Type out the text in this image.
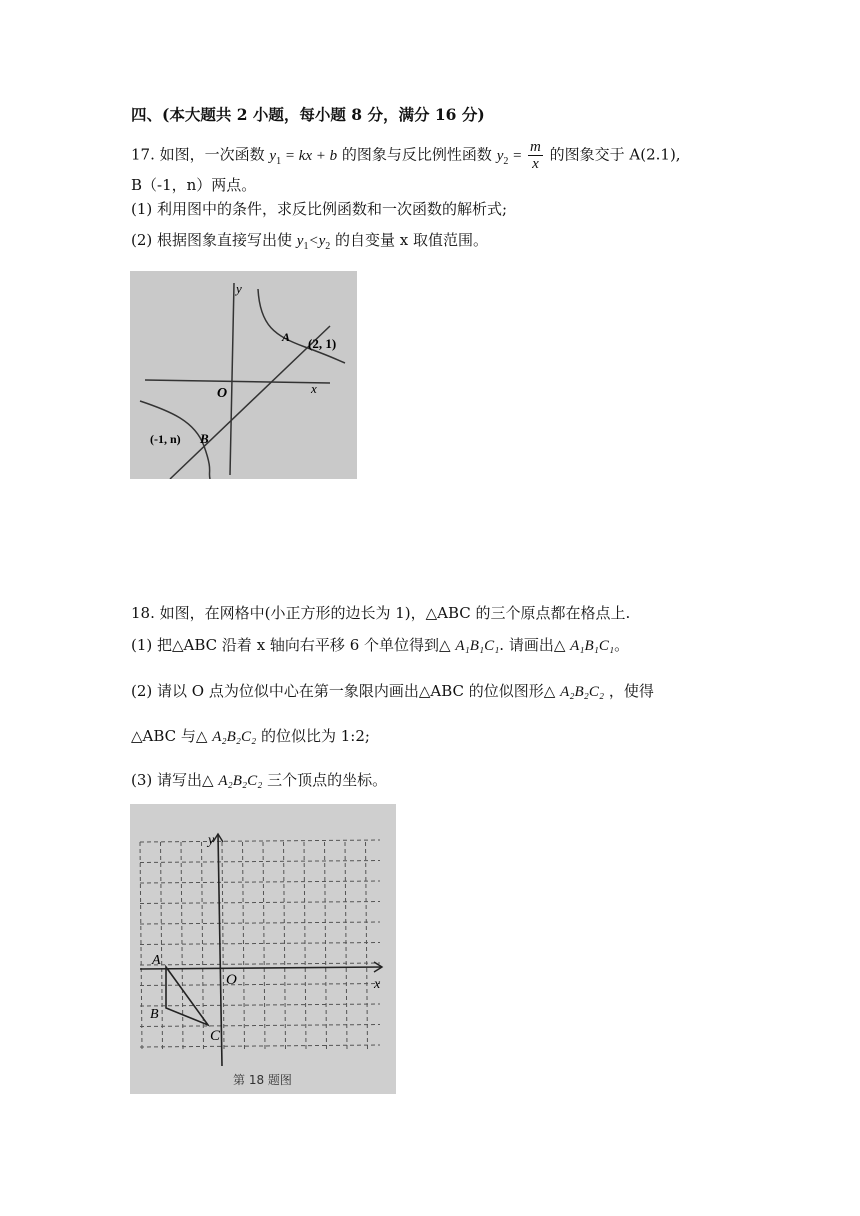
四、(本大题共 2 小题，每小题 8 分，满分 16 分)
17. 如图，一次函数 $y_1$ = kx + b 的图象与反比例性函数 $y_2 = \frac{m}{x}$ 的图象交于 A(2.1),
B（-1，n）两点。
(1) 利用图中的条件，求反比例函数和一次函数的解析式;
(2) 根据图象直接写出使 $y_1<y_2$ 的自变量 x 取值范围。
y
x
O
A (2, 1)
(-1, n) B
18. 如图，在网格中(小正方形的边长为 1)，△ABC 的三个原点都在格点上.
(1) 把△ABC 沿着 x 轴向右平移 6 个单位得到△ A₁B₁C₁. 请画出△ A₁B₁C₁。
(2) 请以 O 点为位似中心在第一象限内画出△ABC 的位似图形△ A₂B₂C₂ ，使得
△ABC 与△ A₂B₂C₂ 的位似比为 1:2;
(3) 请写出△ A₂B₂C₂ 三个顶点的坐标。
y
x
O
A
B
C
第 18 题图
